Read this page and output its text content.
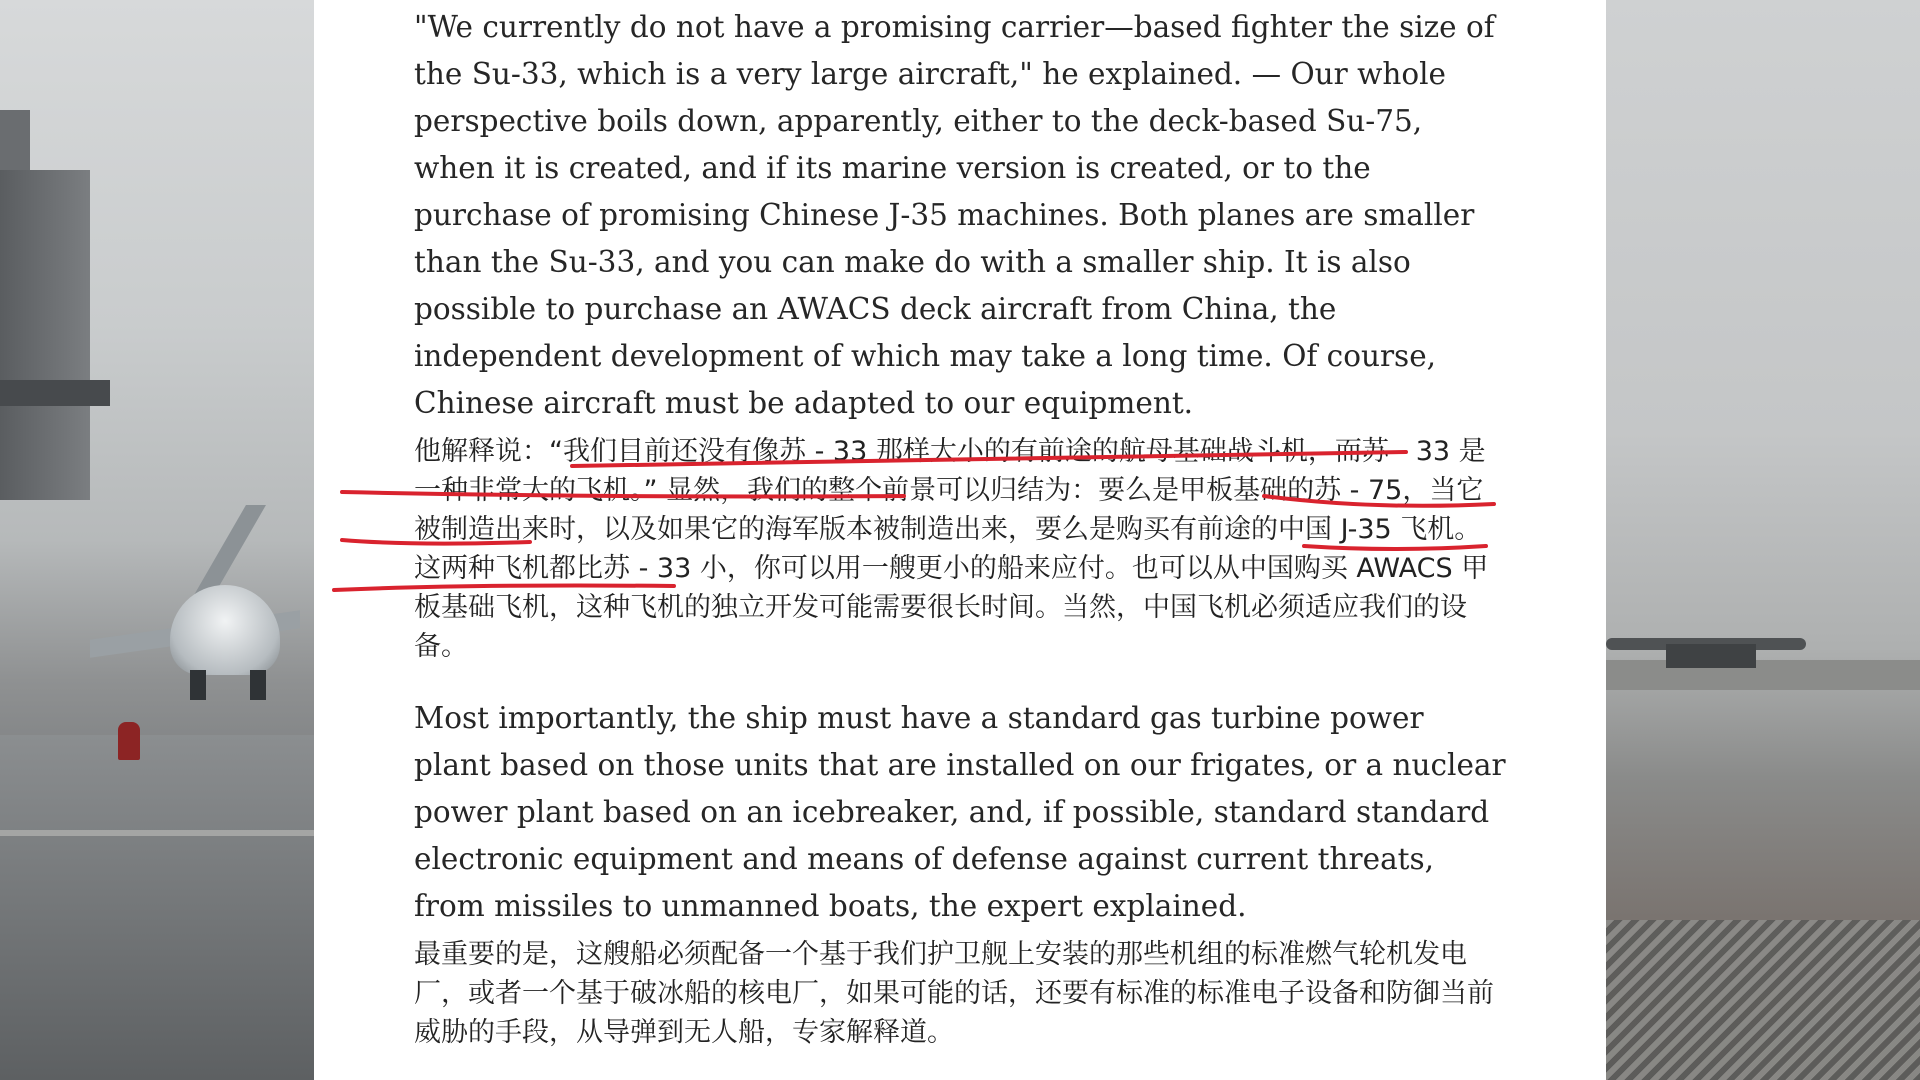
"We currently do not have a promising carrier—based fighter the size of the Su-33, which is a very large aircraft," he explained. — Our whole perspective boils down, apparently, either to the deck-based Su-75, when it is created, and if its marine version is created, or to the purchase of promising Chinese J-35 machines. Both planes are smaller than the Su-33, and you can make do with a smaller ship. It is also possible to purchase an AWACS deck aircraft from China, the independent development of which may take a long time. Of course, Chinese aircraft must be adapted to our equipment.

他解释说：“我们目前还没有像苏 - 33 那样大小的有前途的航母基础战斗机，而苏 - 33 是一种非常大的飞机。” 显然，我们的整个前景可以归结为：要么是甲板基础的苏 - 75，当它被制造出来时，以及如果它的海军版本被制造出来，要么是购买有前途的中国 J-35 飞机。这两种飞机都比苏 - 33 小，你可以用一艘更小的船来应付。也可以从中国购买 AWACS 甲板基础飞机，这种飞机的独立开发可能需要很长时间。当然，中国飞机必须适应我们的设备。

Most importantly, the ship must have a standard gas turbine power plant based on those units that are installed on our frigates, or a nuclear power plant based on an icebreaker, and, if possible, standard standard electronic equipment and means of defense against current threats, from missiles to unmanned boats, the expert explained.

最重要的是，这艘船必须配备一个基于我们护卫舰上安装的那些机组的标准燃气轮机发电厂，或者一个基于破冰船的核电厂，如果可能的话，还要有标准的标准电子设备和防御当前威胁的手段，从导弹到无人船，专家解释道。
